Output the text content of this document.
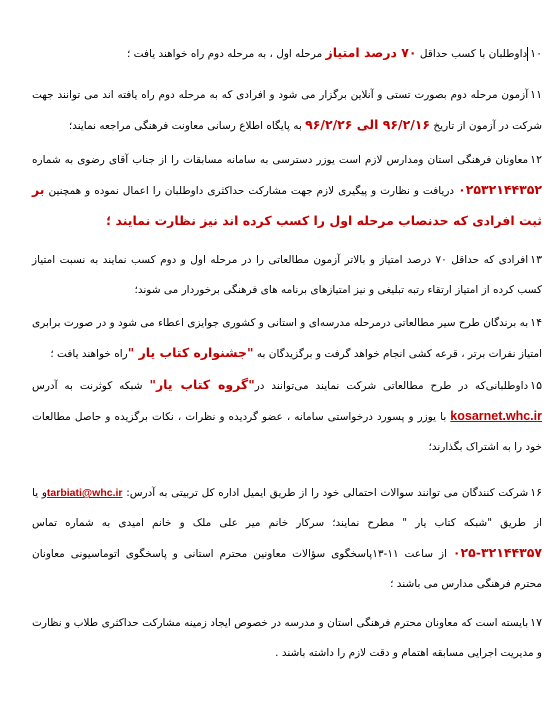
۱۰داوطلبان با کسب حداقل ۷۰ درصد امتیاز مرحله اول ، به مرحله دوم راه خواهند یافت ؛
۱۱آزمون مرحله دوم بصورت تستی و آنلاین برگزار می شود و افرادی که به مرحله دوم راه یافته اند می توانند جهت شرکت در آزمون از تاریخ ۹۶/۲/۱۶ الی ۹۶/۲/۲۶ به پایگاه اطلاع رسانی معاونت فرهنگی مراجعه نمایند؛
۱۲معاونان فرهنگی استان ومدارس لازم است یوزر دسترسی به سامانه مسابقات را از جناب آقای رضوی به شماره ۰۲۵۳۲۱۴۴۳۵۲ دریافت و نظارت و پیگیری لازم جهت مشارکت حداکثری داوطلبان را اعمال نموده و همچنین بر ثبت افرادی که حدنصاب مرحله اول را کسب کرده اند نیز نظارت نمایند ؛
۱۳افرادی که حداقل ۷۰ درصد امتیاز و بالاتر آزمون مطالعاتی را در مرحله اول و دوم کسب نمایند به نسبت امتیاز کسب کرده از امتیاز ارتقاء رتبه تبلیغی و نیز امتیازهای برنامه های فرهنگی برخوردار می شوند؛
۱۴به برندگان طرح سیر مطالعاتی درمرحله مدرسه‌ای و استانی و کشوری جوایزی اعطاء می شود و در صورت برابری امتیاز نفرات برتر ، قرعه کشی انجام خواهد گرفت و برگزیدگان به "جشنواره کتاب یار "راه خواهند یافت ؛
۱۵داوطلبانی‌که در طرح مطالعاتی شرکت نمایند می‌توانند در"گروه کتاب یار" شبکه کوثرنت به آدرس kosarnet.whc.ir با یوزر و پسورد درخواستی سامانه ، عضو گردیده و نظرات ، نکات برگزیده و حاصل مطالعات خود را به اشتراک بگذارند؛
۱۶شرکت کنندگان می توانند سوالات احتمالی خود را از طریق ایمیل اداره کل تربیتی به آدرس: tarbiati@whc.irو یا از طریق "شبکه کتاب یار " مطرح نمایند؛ سرکار خانم میر علی ملک و خانم امیدی به شماره تماس ۰۲۵-۳۲۱۴۴۳۵۷ از ساعت ۱۱-۱۳پاسخگوی سؤالات معاونین محترم استانی و پاسخگوی اتوماسیونی معاونان محترم فرهنگی مدارس می باشند ؛
۱۷بایسته است که معاونان محترم فرهنگی استان و مدرسه در خصوص ایجاد زمینه مشارکت حداکثری طلاب و نظارت و مدیریت اجرایی مسابقه اهتمام و دقت لازم را داشته باشند .
